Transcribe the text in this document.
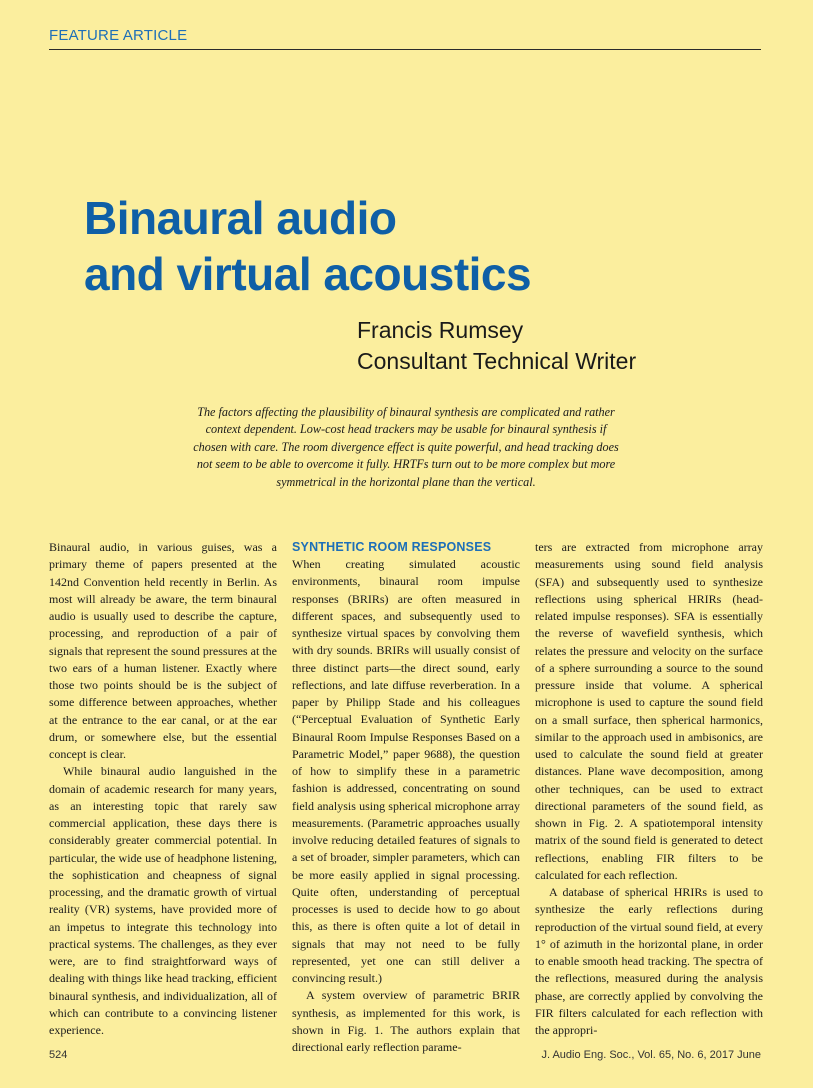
FEATURE ARTICLE
Binaural audio
and virtual acoustics
Francis Rumsey
Consultant Technical Writer
The factors affecting the plausibility of binaural synthesis are complicated and rather context dependent. Low-cost head trackers may be usable for binaural synthesis if chosen with care. The room divergence effect is quite powerful, and head tracking does not seem to be able to overcome it fully. HRTFs turn out to be more complex but more symmetrical in the horizontal plane than the vertical.

Binaural audio, in various guises, was a primary theme of papers presented at the 142nd Convention held recently in Berlin. As most will already be aware, the term binaural audio is usually used to describe the capture, processing, and reproduction of a pair of signals that represent the sound pressures at the two ears of a human listener. Exactly where those two points should be is the subject of some difference between approaches, whether at the entrance to the ear canal, or at the ear drum, or somewhere else, but the essential concept is clear.

While binaural audio languished in the domain of academic research for many years, as an interesting topic that rarely saw commercial application, these days there is considerably greater commercial potential. In particular, the wide use of headphone listening, the sophistication and cheapness of signal processing, and the dramatic growth of virtual reality (VR) systems, have provided more of an impetus to integrate this technology into practical systems. The challenges, as they ever were, are to find straightforward ways of dealing with things like head tracking, efficient binaural synthesis, and individualization, all of which can contribute to a convincing listener experience.

SYNTHETIC ROOM RESPONSES

When creating simulated acoustic environments, binaural room impulse responses (BRIRs) are often measured in different spaces, and subsequently used to synthesize virtual spaces by convolving them with dry sounds. BRIRs will usually consist of three distinct parts—the direct sound, early reflections, and late diffuse reverberation. In a paper by Philipp Stade and his colleagues (“Perceptual Evaluation of Synthetic Early Binaural Room Impulse Responses Based on a Parametric Model,” paper 9688), the question of how to simplify these in a parametric fashion is addressed, concentrating on sound field analysis using spherical microphone array measurements. (Parametric approaches usually involve reducing detailed features of signals to a set of broader, simpler parameters, which can be more easily applied in signal processing. Quite often, understanding of perceptual processes is used to decide how to go about this, as there is often quite a lot of detail in signals that may not need to be fully represented, yet one can still deliver a convincing result.)

A system overview of parametric BRIR synthesis, as implemented for this work, is shown in Fig. 1. The authors explain that directional early reflection parame-

ters are extracted from microphone array measurements using sound field analysis (SFA) and subsequently used to synthesize reflections using spherical HRIRs (head-related impulse responses). SFA is essentially the reverse of wavefield synthesis, which relates the pressure and velocity on the surface of a sphere surrounding a source to the sound pressure inside that volume. A spherical microphone is used to capture the sound field on a small surface, then spherical harmonics, similar to the approach used in ambisonics, are used to calculate the sound field at greater distances. Plane wave decomposition, among other techniques, can be used to extract directional parameters of the sound field, as shown in Fig. 2. A spatiotemporal intensity matrix of the sound field is generated to detect reflections, enabling FIR filters to be calculated for each reflection.

A database of spherical HRIRs is used to synthesize the early reflections during reproduction of the virtual sound field, at every 1° of azimuth in the horizontal plane, in order to enable smooth head tracking. The spectra of the reflections, measured during the analysis phase, are correctly applied by convolving the FIR filters calculated for each reflection with the appropri-

524	J. Audio Eng. Soc., Vol. 65, No. 6, 2017 June
